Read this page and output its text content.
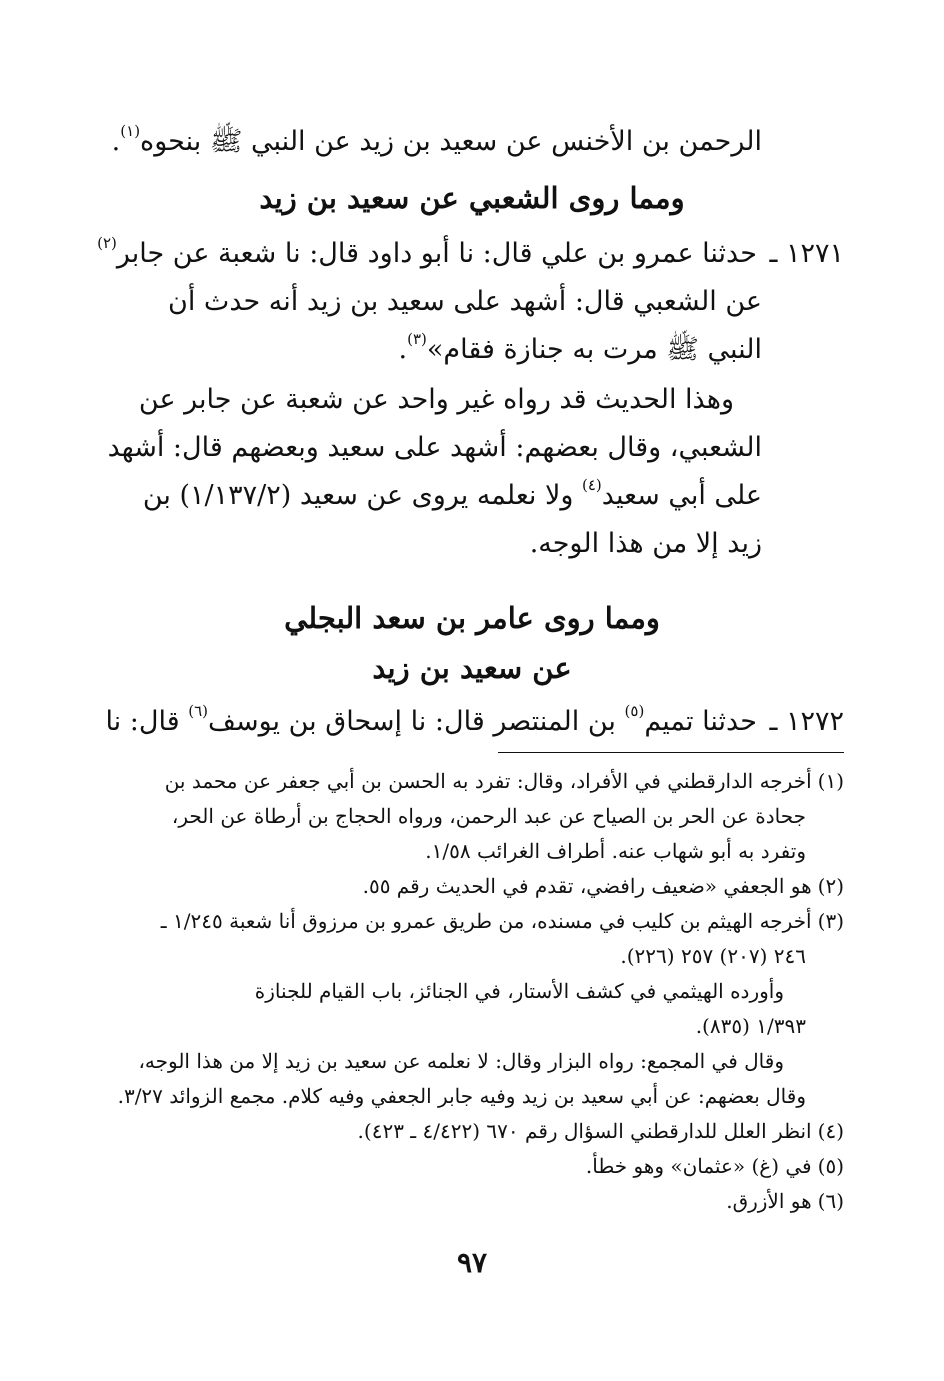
الرحمن بن الأخنس عن سعيد بن زيد عن النبي ﷺ بنحوه$^{(١)}$.
ومما روى الشعبي عن سعيد بن زيد
١٢٧١ ـ حدثنا عمرو بن علي قال: نا أبو داود قال: نا شعبة عن جابر$^{(٢)}$
عن الشعبي قال: أشهد على سعيد بن زيد أنه حدث أن
النبي ﷺ مرت به جنازة فقام»$^{(٣)}$.
وهذا الحديث قد رواه غير واحد عن شعبة عن جابر عن
الشعبي، وقال بعضهم: أشهد على سعيد وبعضهم قال: أشهد
على أبي سعيد$^{(٤)}$ ولا نعلمه يروى عن سعيد (١/١٣٧/٢) بن
زيد إلا من هذا الوجه.
ومما روى عامر بن سعد البجلي
عن سعيد بن زيد
١٢٧٢ ـ حدثنا تميم$^{(٥)}$ بن المنتصر قال: نا إسحاق بن يوسف$^{(٦)}$ قال: نا
(١)أخرجه الدارقطني في الأفراد، وقال: تفرد به الحسن بن أبي جعفر عن محمد بن
جحادة عن الحر بن الصياح عن عبد الرحمن، ورواه الحجاج بن أرطاة عن الحر،
وتفرد به أبو شهاب عنه. أطراف الغرائب ١/٥٨.
(٢)هو الجعفي «ضعيف رافضي، تقدم في الحديث رقم ٥٥.
(٣)أخرجه الهيثم بن كليب في مسنده، من طريق عمرو بن مرزوق أنا شعبة ١/٢٤٥ ـ
٢٤٦ (٢٠٧) ٢٥٧ (٢٢٦).
وأورده الهيثمي في كشف الأستار، في الجنائز، باب القيام للجنازة
١/٣٩٣ (٨٣٥).
وقال في المجمع: رواه البزار وقال: لا نعلمه عن سعيد بن زيد إلا من هذا الوجه،
وقال بعضهم: عن أبي سعيد بن زيد وفيه جابر الجعفي وفيه كلام. مجمع الزوائد ٣/٢٧.
(٤)انظر العلل للدارقطني السؤال رقم ٦٧٠ (٤/٤٢٢ ـ ٤٢٣).
(٥)في (غ) «عثمان» وهو خطأ.
(٦)هو الأزرق.
٩٧
